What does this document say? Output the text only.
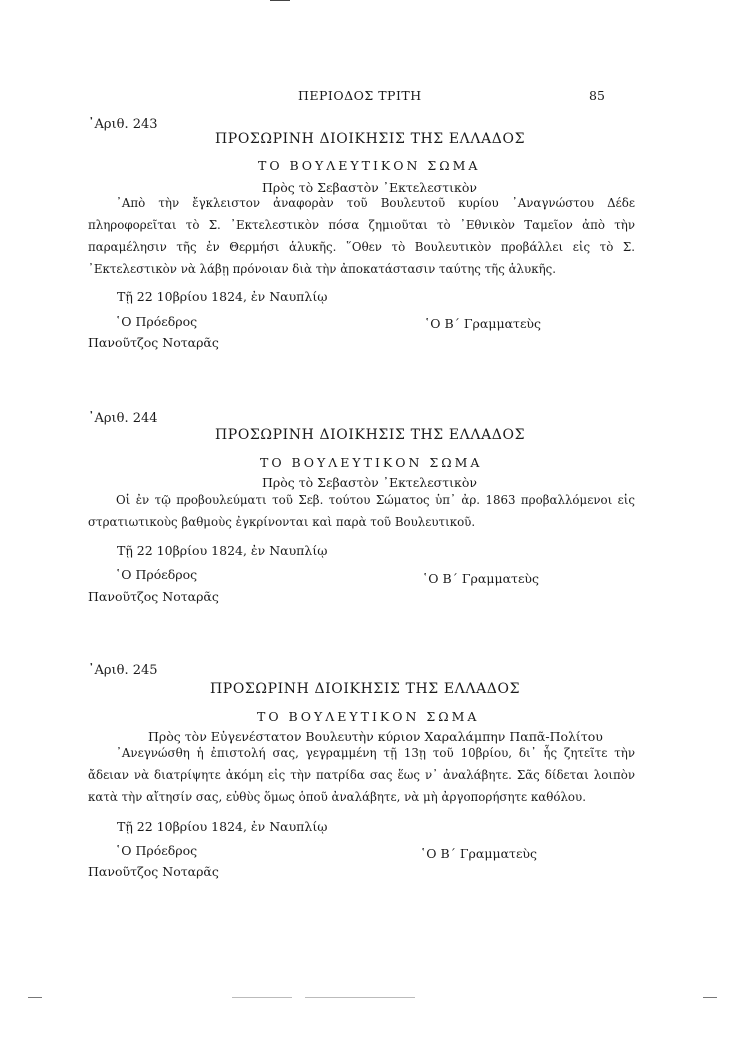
ΠΕΡΙΟΔΟΣ ΤΡΙΤΗ	85
᾿Αριθ. 243
ΠΡΟΣΩΡΙΝΗ ΔΙΟΙΚΗΣΙΣ ΤΗΣ ΕΛΛΑΔΟΣ
ΤΟ ΒΟΥΛΕΥΤΙΚΟΝ ΣΩΜΑ
Πρὸς τὸ Σεβαστὸν ᾿Εκτελεστικὸν
᾿Απὸ τὴν ἔγκλειστον ἀναφορὰν τοῦ Βουλευτοῦ κυρίου ᾿Αναγνώστου Δέδε πληροφορεῖται τὸ Σ. ᾿Εκτελεστικὸν πόσα ζημιοῦται τὸ ᾿Εθνικὸν Ταμεῖον ἀπὸ τὴν παραμέλησιν τῆς ἐν Θερμήσι ἁλυκῆς. ῞Οθεν τὸ Βουλευτικὸν προβάλλει εἰς τὸ Σ. ᾿Εκτελεστικὸν νὰ λάβῃ πρόνοιαν διὰ τὴν ἀποκατάστασιν ταύτης τῆς ἁλυκῆς.
Τῇ 22 10βρίου 1824, ἐν Ναυπλίῳ
῾Ο Πρόεδρος
Πανοῦτζος Νοταρᾶς
῾Ο Β΄ Γραμματεὺς
᾿Αριθ. 244
ΠΡΟΣΩΡΙΝΗ ΔΙΟΙΚΗΣΙΣ ΤΗΣ ΕΛΛΑΔΟΣ
ΤΟ ΒΟΥΛΕΥΤΙΚΟΝ ΣΩΜΑ
Πρὸς τὸ Σεβαστὸν ᾿Εκτελεστικὸν
Οἱ ἐν τῷ προβουλεύματι τοῦ Σεβ. τούτου Σώματος ὑπ᾿ ἀρ. 1863 προβαλλόμενοι εἰς στρατιωτικοὺς βαθμοὺς ἐγκρίνονται καὶ παρὰ τοῦ Βουλευτικοῦ.
Τῇ 22 10βρίου 1824, ἐν Ναυπλίῳ
῾Ο Πρόεδρος
Πανοῦτζος Νοταρᾶς
῾Ο Β΄ Γραμματεὺς
᾿Αριθ. 245
ΠΡΟΣΩΡΙΝΗ ΔΙΟΙΚΗΣΙΣ ΤΗΣ ΕΛΛΑΔΟΣ
ΤΟ ΒΟΥΛΕΥΤΙΚΟΝ ΣΩΜΑ
Πρὸς τὸν Εὐγενέστατον Βουλευτὴν κύριον Χαραλάμπην Παπᾶ-Πολίτου
᾿Ανεγνώσθη ἡ ἐπιστολή σας, γεγραμμένη τῇ 13ῃ τοῦ 10βρίου, δι᾿ ἧς ζητεῖτε τὴν ἄδειαν νὰ διατρίψητε ἀκόμη εἰς τὴν πατρίδα σας ἕως ν᾿ ἀναλάβητε. Σᾶς δίδεται λοιπὸν κατὰ τὴν αἴτησίν σας, εὐθὺς ὅμως ὁποῦ ἀναλάβητε, νὰ μὴ ἀργοπορήσητε καθόλου.
Τῇ 22 10βρίου 1824, ἐν Ναυπλίῳ
῾Ο Πρόεδρος
Πανοῦτζος Νοταρᾶς
῾Ο Β΄ Γραμματεὺς
